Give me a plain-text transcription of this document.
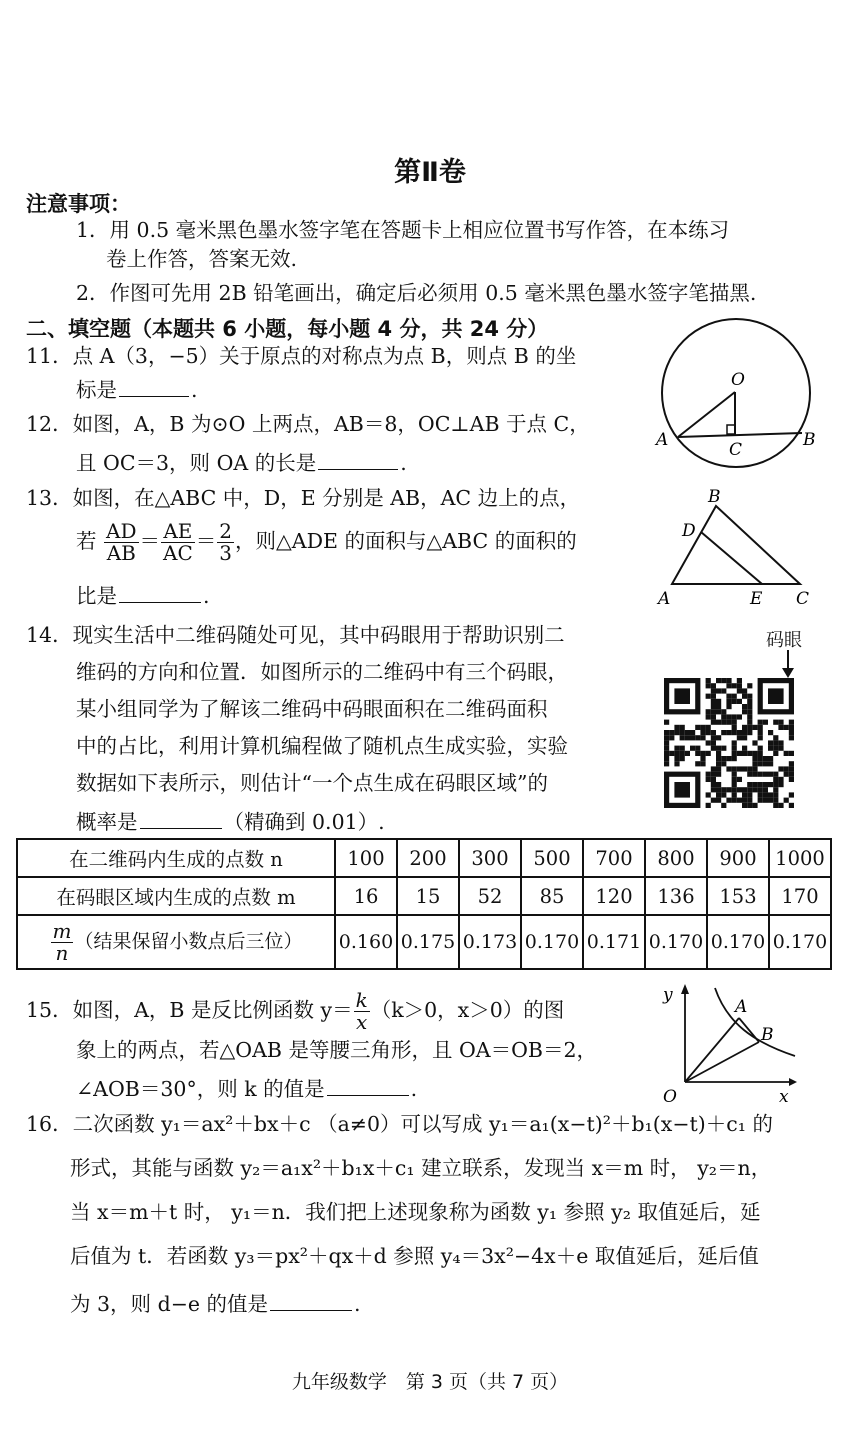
第Ⅱ卷
注意事项：
1．用 0.5 毫米黑色墨水签字笔在答题卡上相应位置书写作答，在本练习
卷上作答，答案无效.
2．作图可先用 2B 铅笔画出，确定后必须用 0.5 毫米黑色墨水签字笔描黑.
二、填空题（本题共 6 小题，每小题 4 分，共 24 分）
11．点 A（3，−5）关于原点的对称点为点 B，则点 B 的坐
标是	.
12．如图，A，B 为⊙O 上两点，AB＝8，OC⊥AB 于点 C，
且 OC＝3，则 OA 的长是	.
O
A	B
C
13．如图，在△ABC 中，D，E 分别是 AB，AC 边上的点，
若 $\frac{AD}{AB} = \frac{AE}{AC} = \frac{2}{3}$ ，则△ADE 的面积与△ABC 的面积的
比是	.
B
D
A	E C
14．现实生活中二维码随处可见，其中码眼用于帮助识别二
维码的方向和位置．如图所示的二维码中有三个码眼，
某小组同学为了解该二维码中码眼面积在二维码面积
中的占比，利用计算机编程做了随机点生成实验，实验
数据如下表所示，则估计“一个点生成在码眼区域”的
概率是	（精确到 0.01）.
码眼
在二维码内生成的点数 n	100	200	300	500	700	800	900	1000
在码眼区域内生成的点数 m	16	15	52	85	120	136	153	170

$\frac{m}{n}$ （结果保留小数点后三位）	0.160	0.175	0.173	0.170	0.171	0.170	0.170	0.170
15．如图，A，B 是反比例函数 $y= \frac{k}{x} (k>0$，x＞0）的图
象上的两点，若△OAB 是等腰三角形，且 OA＝OB＝2，
∠AOB＝30°，则 k 的值是	.
y
x
O
A
B
16．二次函数 y₁＝ax²＋bx＋c （a≠0）可以写成 y₁＝a₁(x−t)²＋b₁(x−t)＋c₁ 的
形式，其能与函数 y₂＝a₁x²＋b₁x＋c₁ 建立联系，发现当 x＝m 时， y₂＝n，
当 x＝m＋t 时， y₁＝n．我们把上述现象称为函数 y₁ 参照 y₂ 取值延后，延
后值为 t．若函数 y₃＝px²＋qx＋d 参照 y₄＝3x²−4x＋e 取值延后，延后值
为 3，则 d−e 的值是	.
九年级数学　第 3 页（共 7 页）
